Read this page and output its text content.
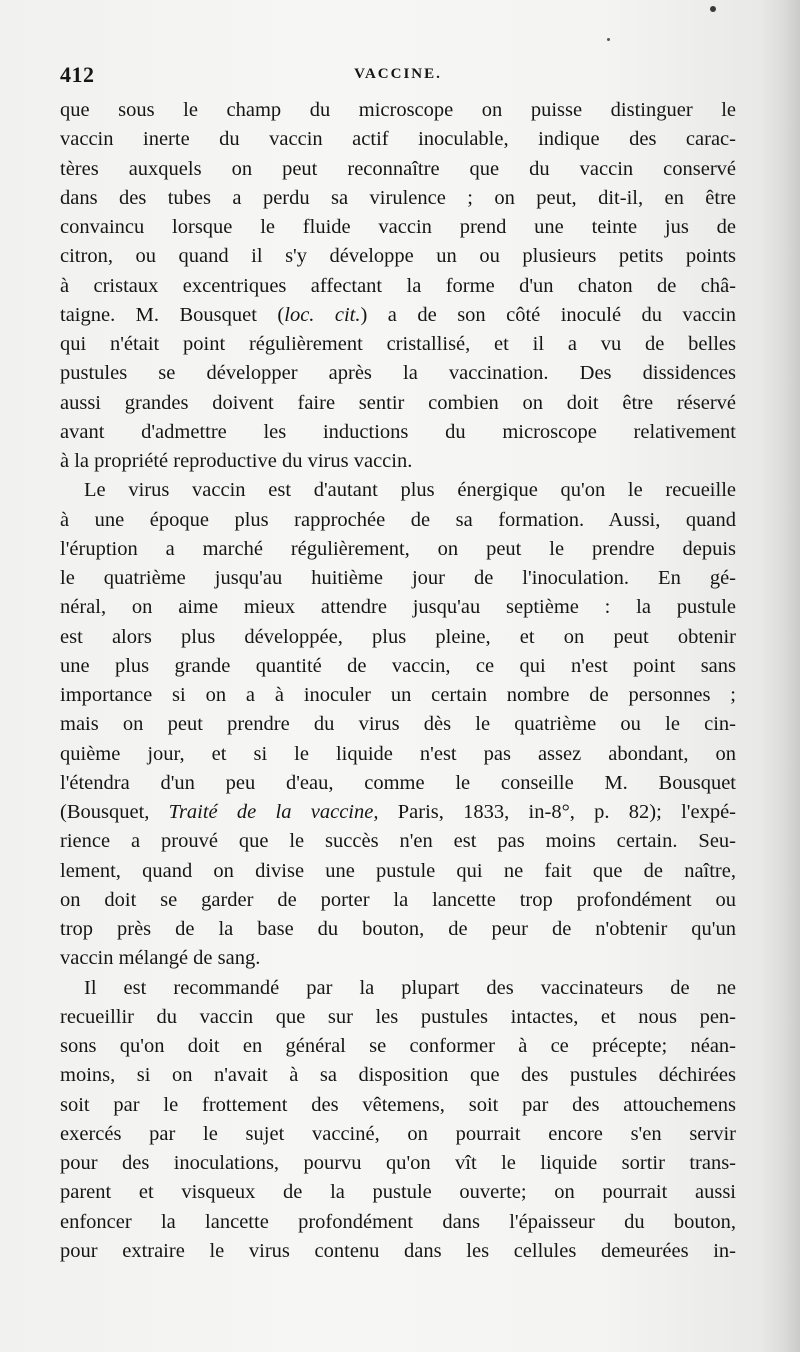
412	VACCINE.
que sous le champ du microscope on puisse distinguer le
vaccin inerte du vaccin actif inoculable, indique des carac-
tères auxquels on peut reconnaître que du vaccin conservé
dans des tubes a perdu sa virulence ; on peut, dit-il, en être
convaincu lorsque le fluide vaccin prend une teinte jus de
citron, ou quand il s'y développe un ou plusieurs petits points
à cristaux excentriques affectant la forme d'un chaton de châ-
taigne. M. Bousquet (loc. cit.) a de son côté inoculé du vaccin
qui n'était point régulièrement cristallisé, et il a vu de belles
pustules se développer après la vaccination. Des dissidences
aussi grandes doivent faire sentir combien on doit être réservé
avant d'admettre les inductions du microscope relativement
à la propriété reproductive du virus vaccin.
Le virus vaccin est d'autant plus énergique qu'on le recueille
à une époque plus rapprochée de sa formation. Aussi, quand
l'éruption a marché régulièrement, on peut le prendre depuis
le quatrième jusqu'au huitième jour de l'inoculation. En gé-
néral, on aime mieux attendre jusqu'au septième : la pustule
est alors plus développée, plus pleine, et on peut obtenir
une plus grande quantité de vaccin, ce qui n'est point sans
importance si on a à inoculer un certain nombre de personnes ;
mais on peut prendre du virus dès le quatrième ou le cin-
quième jour, et si le liquide n'est pas assez abondant, on
l'étendra d'un peu d'eau, comme le conseille M. Bousquet
(Bousquet, Traité de la vaccine, Paris, 1833, in-8°, p. 82); l'expé-
rience a prouvé que le succès n'en est pas moins certain. Seu-
lement, quand on divise une pustule qui ne fait que de naître,
on doit se garder de porter la lancette trop profondément ou
trop près de la base du bouton, de peur de n'obtenir qu'un
vaccin mélangé de sang.
Il est recommandé par la plupart des vaccinateurs de ne
recueillir du vaccin que sur les pustules intactes, et nous pen-
sons qu'on doit en général se conformer à ce précepte; néan-
moins, si on n'avait à sa disposition que des pustules déchirées
soit par le frottement des vêtemens, soit par des attouchemens
exercés par le sujet vacciné, on pourrait encore s'en servir
pour des inoculations, pourvu qu'on vît le liquide sortir trans-
parent et visqueux de la pustule ouverte; on pourrait aussi
enfoncer la lancette profondément dans l'épaisseur du bouton,
pour extraire le virus contenu dans les cellules demeurées in-
